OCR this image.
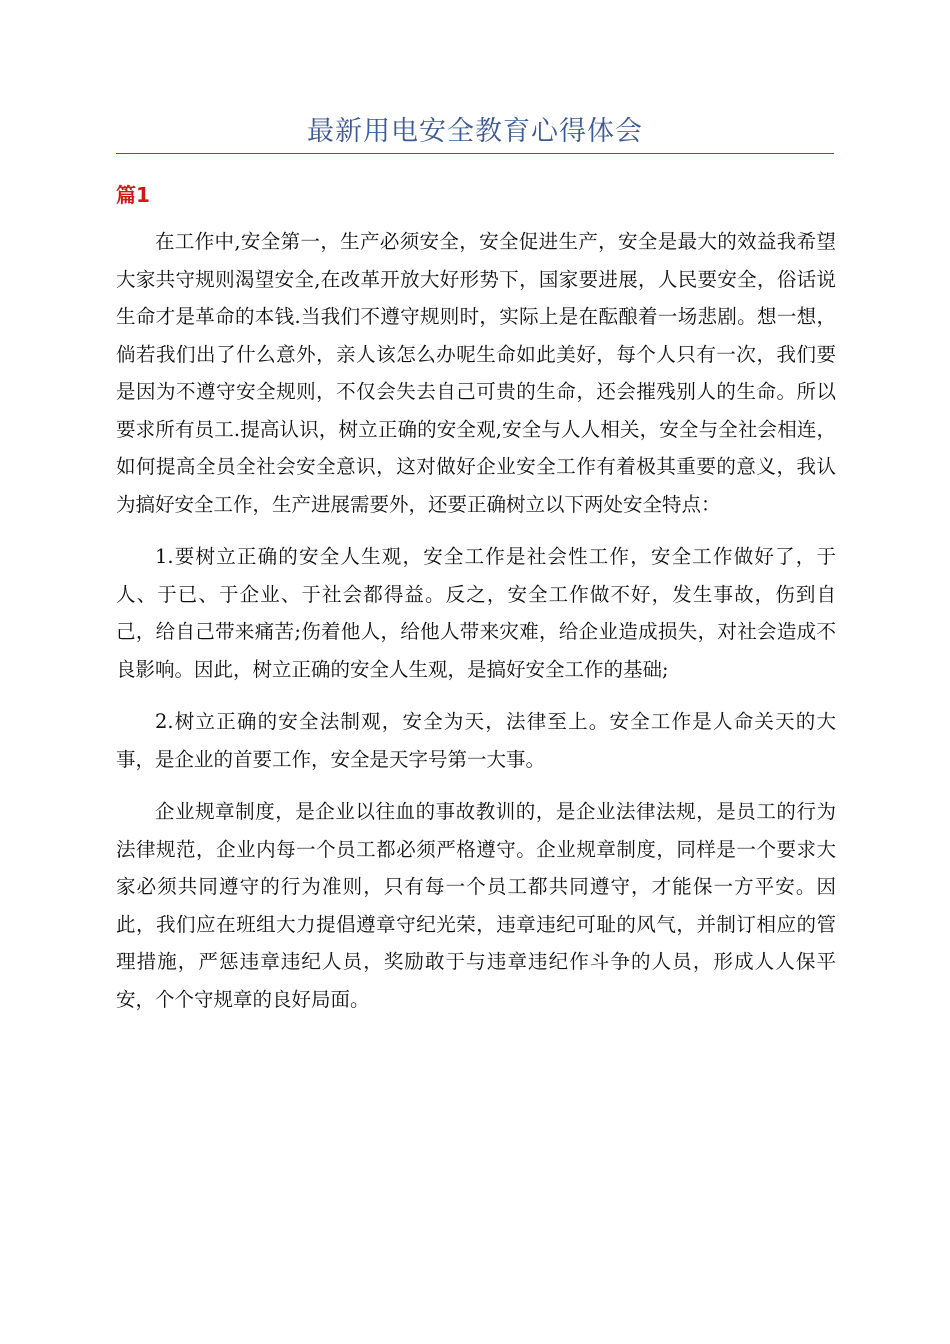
最新用电安全教育心得体会
篇1

在工作中,安全第一，生产必须安全，安全促进生产，安全是最大的效益我希望大家共守规则渴望安全,在改革开放大好形势下，国家要进展，人民要安全，俗话说生命才是革命的本钱.当我们不遵守规则时，实际上是在酝酿着一场悲剧。想一想，倘若我们出了什么意外，亲人该怎么办呢生命如此美好，每个人只有一次，我们要是因为不遵守安全规则，不仅会失去自己可贵的生命，还会摧残别人的生命。所以要求所有员工.提高认识，树立正确的安全观,安全与人人相关，安全与全社会相连，如何提高全员全社会安全意识，这对做好企业安全工作有着极其重要的意义，我认为搞好安全工作，生产进展需要外，还要正确树立以下两处安全特点：

1.要树立正确的安全人生观，安全工作是社会性工作，安全工作做好了，于人、于已、于企业、于社会都得益。反之，安全工作做不好，发生事故，伤到自己，给自己带来痛苦;伤着他人，给他人带来灾难，给企业造成损失，对社会造成不良影响。因此，树立正确的安全人生观，是搞好安全工作的基础;

2.树立正确的安全法制观，安全为天，法律至上。安全工作是人命关天的大事，是企业的首要工作，安全是天字号第一大事。

企业规章制度，是企业以往血的事故教训的，是企业法律法规，是员工的行为法律规范，企业内每一个员工都必须严格遵守。企业规章制度，同样是一个要求大家必须共同遵守的行为准则，只有每一个员工都共同遵守，才能保一方平安。因此，我们应在班组大力提倡遵章守纪光荣，违章违纪可耻的风气，并制订相应的管理措施，严惩违章违纪人员，奖励敢于与违章违纪作斗争的人员，形成人人保平安，个个守规章的良好局面。
